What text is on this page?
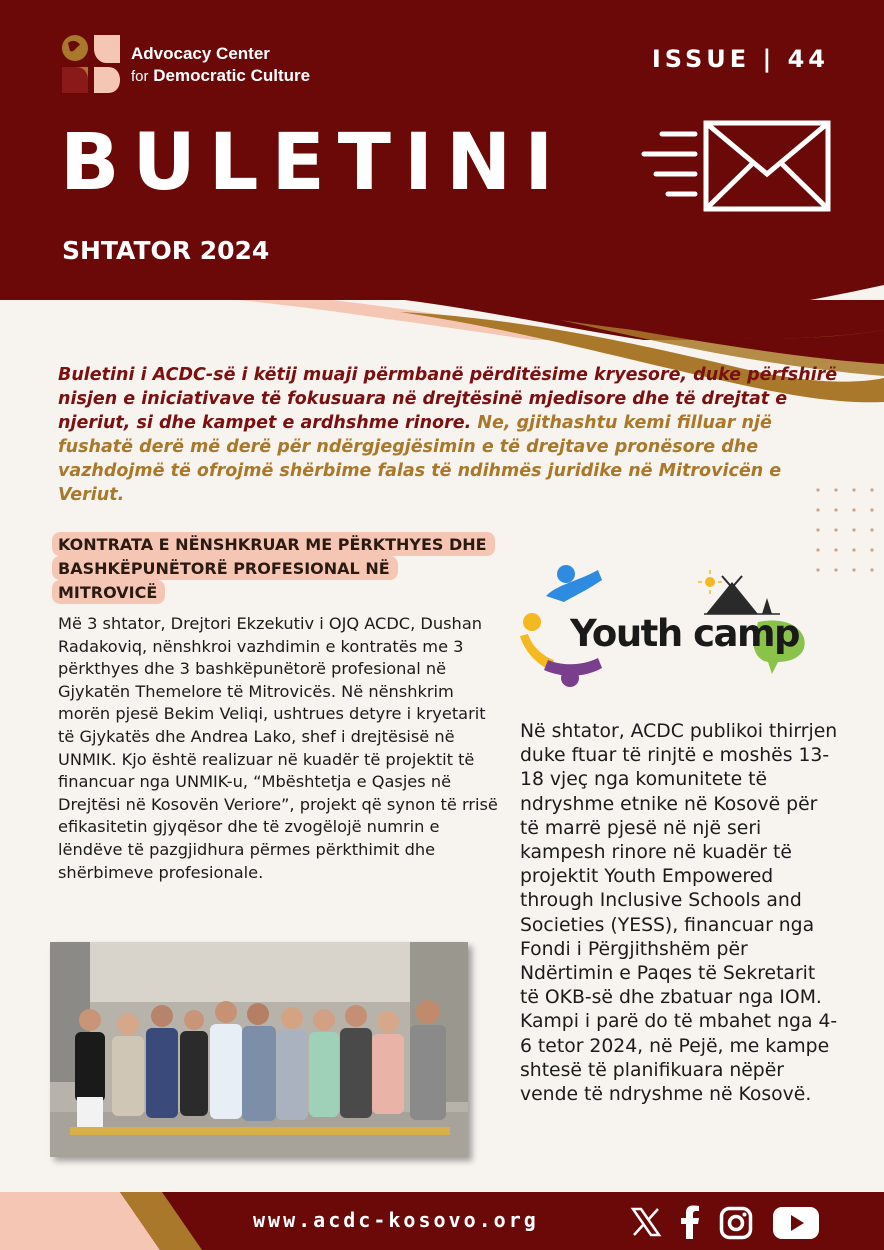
Advocacy Center
for Democratic Culture
ISSUE | 44
BULETINI
SHTATOR 2024
Buletini i ACDC-së i këtij muaji përmbanë përditësime kryesore, duke përfshirë nisjen e iniciativave të fokusuara në drejtësinë mjedisore dhe të drejtat e njeriut, si dhe kampet e ardhshme rinore. Ne, gjithashtu kemi filluar një fushatë derë më derë për ndërgjegjësimin e të drejtave pronësore dhe vazhdojmë të ofrojmë shërbime falas të ndihmës juridike në Mitrovicën e Veriut.
KONTRATA E NËNSHKRUAR ME PËRKTHYES DHE
BASHKËPUNËTORË PROFESIONAL NË
MITROVICË
Më 3 shtator, Drejtori Ekzekutiv i OJQ ACDC, Dushan Radakoviq, nënshkroi vazhdimin e kontratës me 3 përkthyes dhe 3 bashkëpunëtorë profesional në Gjykatën Themelore të Mitrovicës. Në nënshkrim morën pjesë Bekim Veliqi, ushtrues detyre i kryetarit të Gjykatës dhe Andrea Lako, shef i drejtësisë në UNMIK. Kjo është realizuar në kuadër të projektit të financuar nga UNMIK-u, “Mbështetja e Qasjes në Drejtësi në Kosovën Veriore”, projekt që synon të rrisë efikasitetin gjyqësor dhe të zvogëlojë numrin e lëndëve të pazgjidhura përmes përkthimit dhe shërbimeve profesionale.
Youth camp
Në shtator, ACDC publikoi thirrjen duke ftuar të rinjtë e moshës 13-18 vjeç nga komunitete të ndryshme etnike në Kosovë për të marrë pjesë në një seri kampesh rinore në kuadër të projektit Youth Empowered through Inclusive Schools and Societies (YESS), financuar nga Fondi i Përgjithshëm për Ndërtimin e Paqes të Sekretarit të OKB-së dhe zbatuar nga IOM. Kampi i parë do të mbahet nga 4-6 tetor 2024, në Pejë, me kampe shtesë të planifikuara nëpër vende të ndryshme në Kosovë.
www.acdc-kosovo.org
